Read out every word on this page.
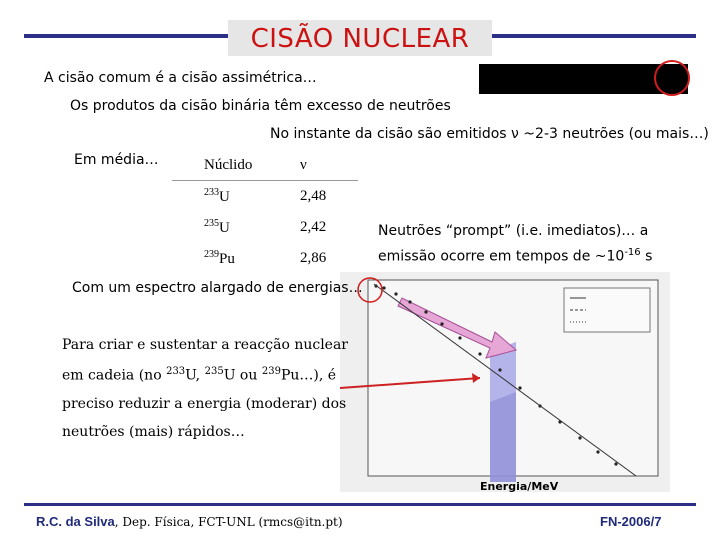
CISÃO NUCLEAR
A cisão comum é a cisão assimétrica…
Os produtos da cisão binária têm excesso de neutrões
No instante da cisão são emitidos ν ~2-3 neutrões (ou mais…)
Em média…	Núclido	ν
$^{233}$U	2,48
$^{235}$U	2,42
$^{239}$Pu	2,86
Neutrões “prompt” (i.e. imediatos)… a
emissão ocorre em tempos de $\sim 10^{-16}$ s
Energia/MeV
Com um espectro alargado de energias…
Para criar e sustentar a reacção nuclear
em cadeia (no $^{233}$U, $^{235}$U ou $^{239}$Pu…), é
preciso reduzir a energia (moderar) dos
neutrões (mais) rápidos…
R.C. da Silva, Dep. Física, FCT-UNL (rmcs@itn.pt)	FN-2006/7
